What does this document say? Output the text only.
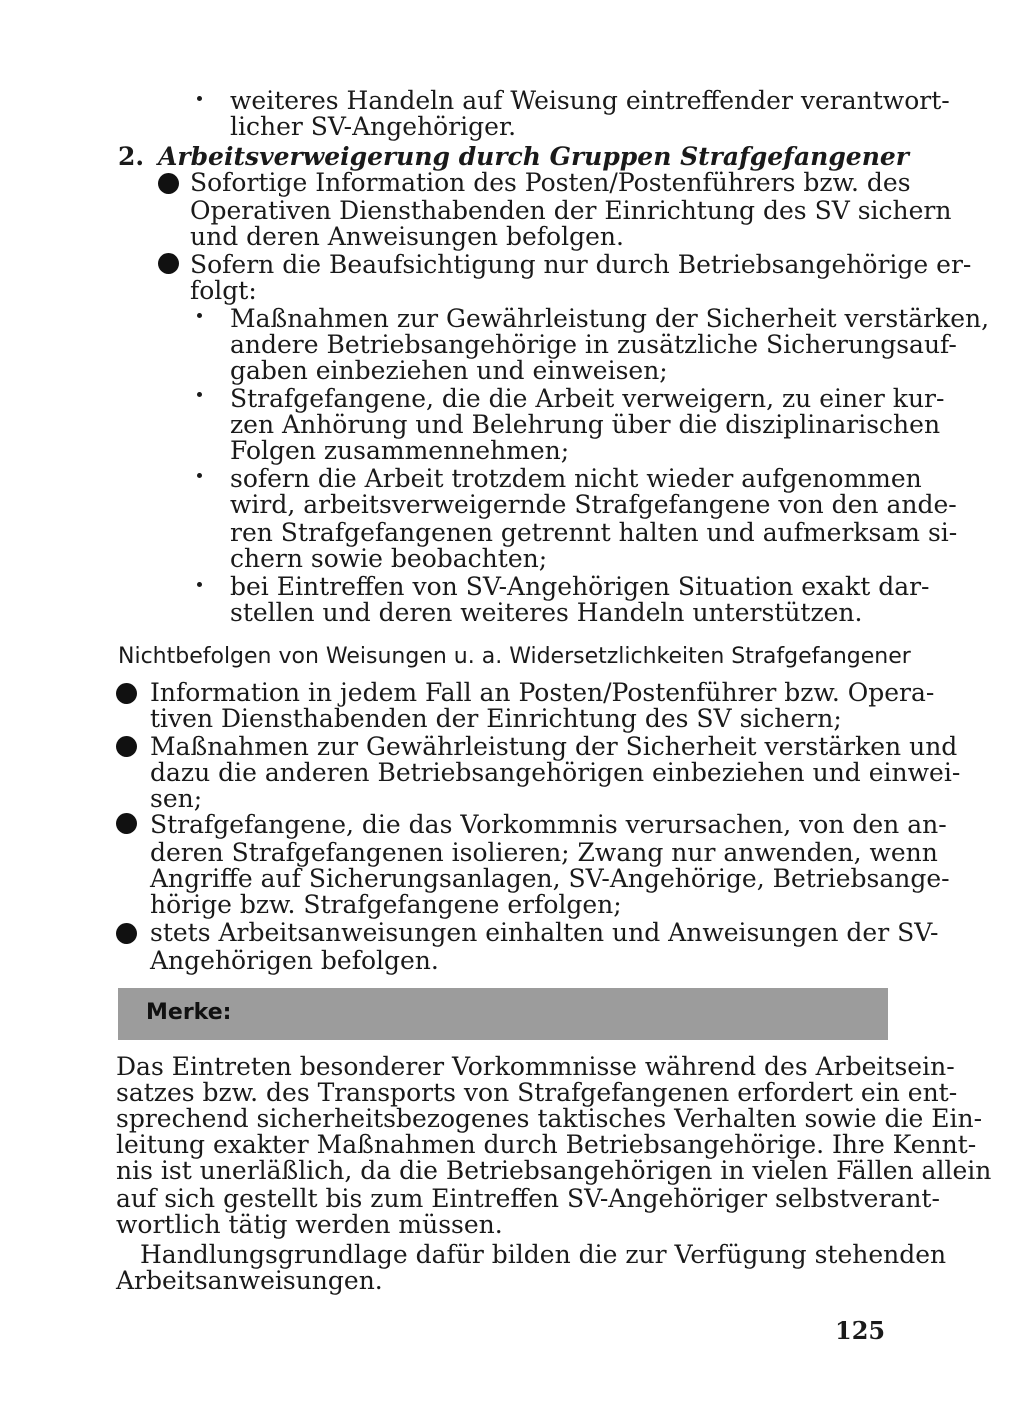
weiteres Handeln auf Weisung eintreffender verantwort-
licher SV-Angehöriger.
2. Arbeitsverweigerung durch Gruppen Strafgefangener
Sofortige Information des Posten/Postenführers bzw. des
Operativen Diensthabenden der Einrichtung des SV sichern
und deren Anweisungen befolgen.
Sofern die Beaufsichtigung nur durch Betriebsangehörige er-
folgt:
Maßnahmen zur Gewährleistung der Sicherheit verstärken,
andere Betriebsangehörige in zusätzliche Sicherungsauf-
gaben einbeziehen und einweisen;
Strafgefangene, die die Arbeit verweigern, zu einer kur-
zen Anhörung und Belehrung über die disziplinarischen
Folgen zusammennehmen;
sofern die Arbeit trotzdem nicht wieder aufgenommen
wird, arbeitsverweigernde Strafgefangene von den ande-
ren Strafgefangenen getrennt halten und aufmerksam si-
chern sowie beobachten;
bei Eintreffen von SV-Angehörigen Situation exakt dar-
stellen und deren weiteres Handeln unterstützen.
Nichtbefolgen von Weisungen u. a. Widersetzlichkeiten Strafgefangener
Information in jedem Fall an Posten/Postenführer bzw. Opera-
tiven Diensthabenden der Einrichtung des SV sichern;
Maßnahmen zur Gewährleistung der Sicherheit verstärken und
dazu die anderen Betriebsangehörigen einbeziehen und einwei-
sen;
Strafgefangene, die das Vorkommnis verursachen, von den an-
deren Strafgefangenen isolieren; Zwang nur anwenden, wenn
Angriffe auf Sicherungsanlagen, SV-Angehörige, Betriebsange-
hörige bzw. Strafgefangene erfolgen;
stets Arbeitsanweisungen einhalten und Anweisungen der SV-
Angehörigen befolgen.
Merke:
Das Eintreten besonderer Vorkommnisse während des Arbeitsein-
satzes bzw. des Transports von Strafgefangenen erfordert ein ent-
sprechend sicherheitsbezogenes taktisches Verhalten sowie die Ein-
leitung exakter Maßnahmen durch Betriebsangehörige. Ihre Kennt-
nis ist unerläßlich, da die Betriebsangehörigen in vielen Fällen allein
auf sich gestellt bis zum Eintreffen SV-Angehöriger selbstverant-
wortlich tätig werden müssen.
Handlungsgrundlage dafür bilden die zur Verfügung stehenden
Arbeitsanweisungen.
125
